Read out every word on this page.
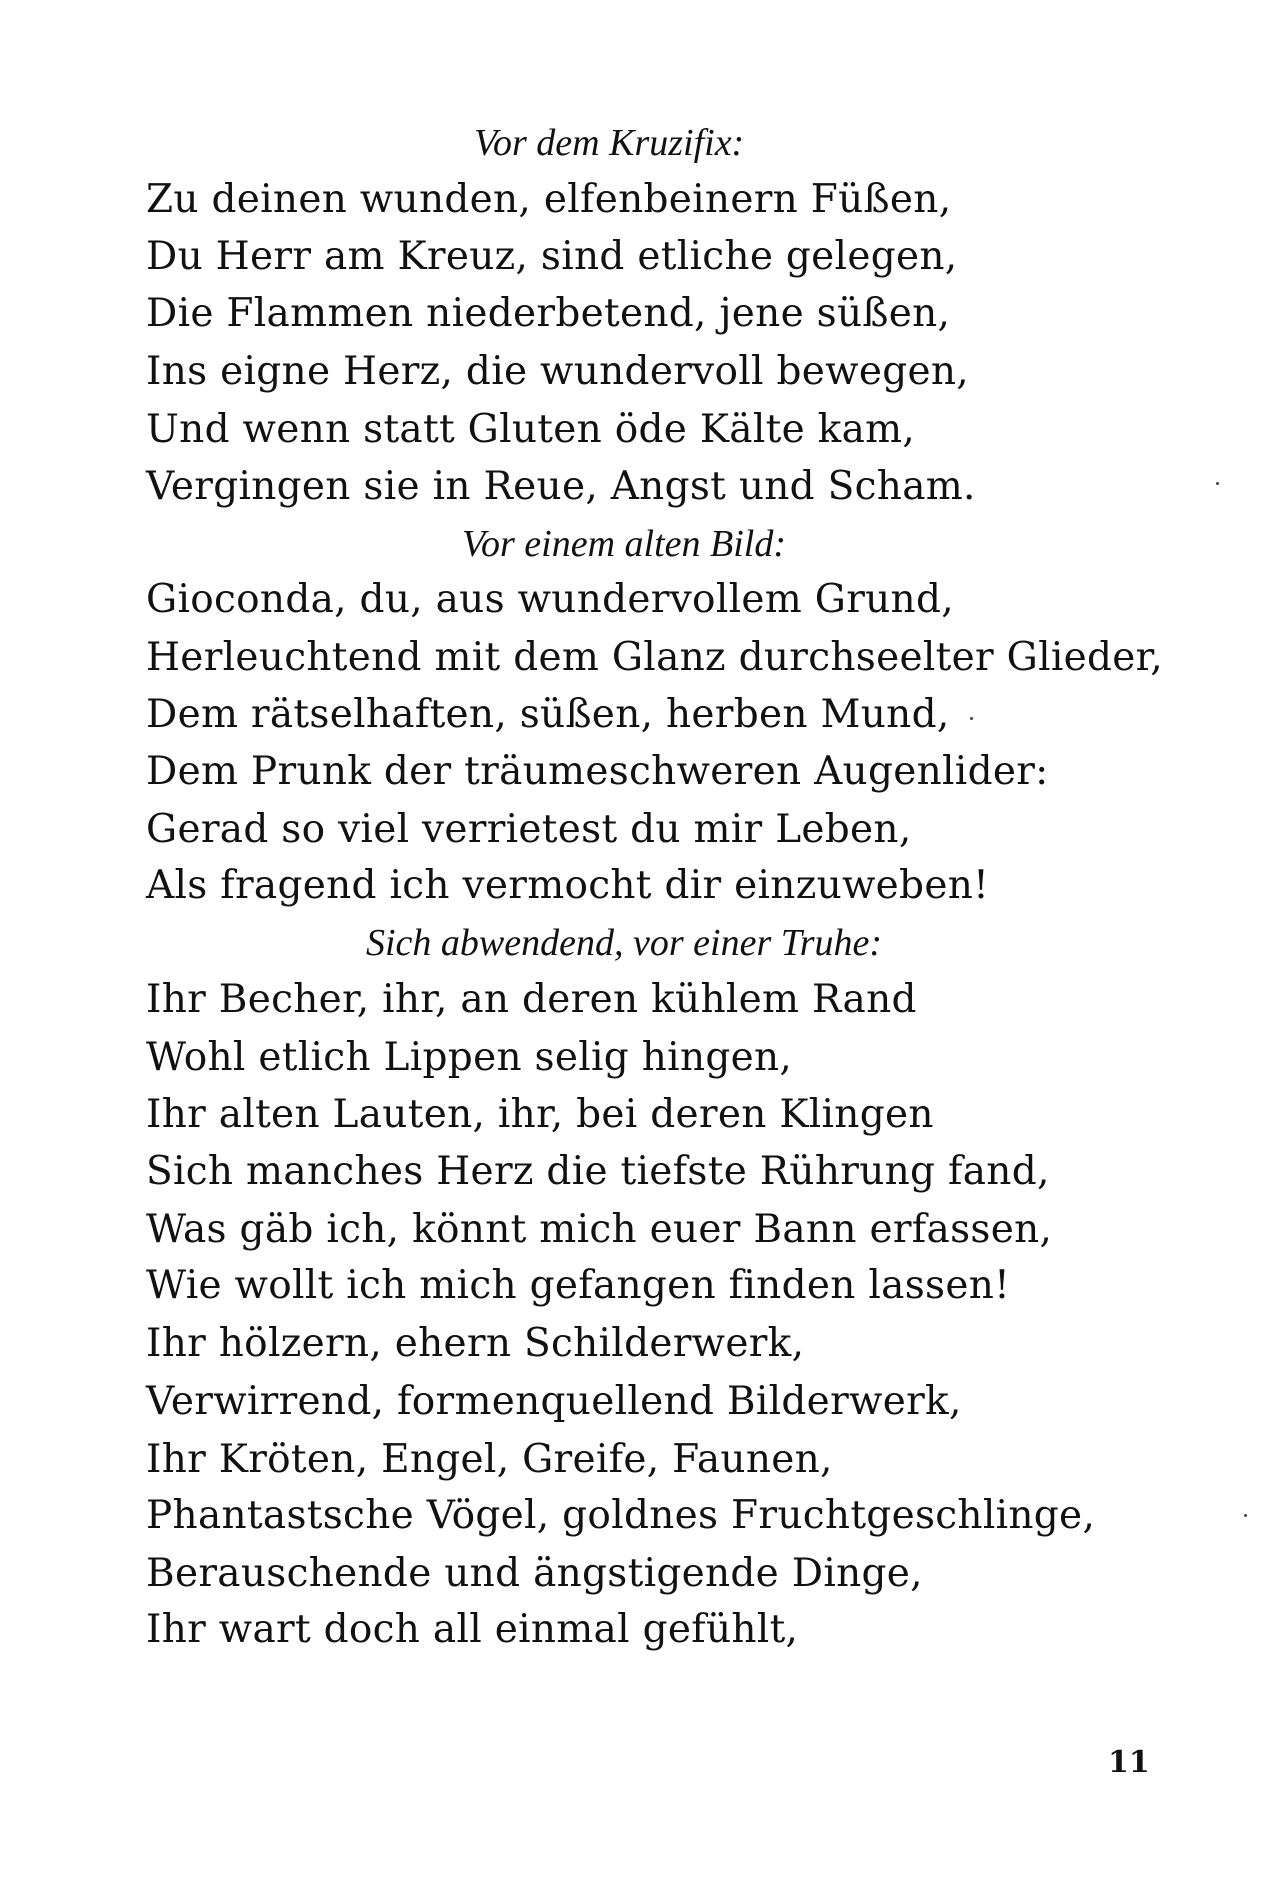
Vor dem Kruzifix:
Zu deinen wunden, elfenbeinern Füßen,
Du Herr am Kreuz, sind etliche gelegen,
Die Flammen niederbetend, jene süßen,
Ins eigne Herz, die wundervoll bewegen,
Und wenn statt Gluten öde Kälte kam,
Vergingen sie in Reue, Angst und Scham.
Vor einem alten Bild:
Gioconda, du, aus wundervollem Grund,
Herleuchtend mit dem Glanz durchseelter Glieder,
Dem rätselhaften, süßen, herben Mund,
Dem Prunk der träumeschweren Augenlider:
Gerad so viel verrietest du mir Leben,
Als fragend ich vermocht dir einzuweben!
Sich abwendend, vor einer Truhe:
Ihr Becher, ihr, an deren kühlem Rand
Wohl etlich Lippen selig hingen,
Ihr alten Lauten, ihr, bei deren Klingen
Sich manches Herz die tiefste Rührung fand,
Was gäb ich, könnt mich euer Bann erfassen,
Wie wollt ich mich gefangen finden lassen!
Ihr hölzern, ehern Schilderwerk,
Verwirrend, formenquellend Bilderwerk,
Ihr Kröten, Engel, Greife, Faunen,
Phantastsche Vögel, goldnes Fruchtgeschlinge,
Berauschende und ängstigende Dinge,
Ihr wart doch all einmal gefühlt,
11
